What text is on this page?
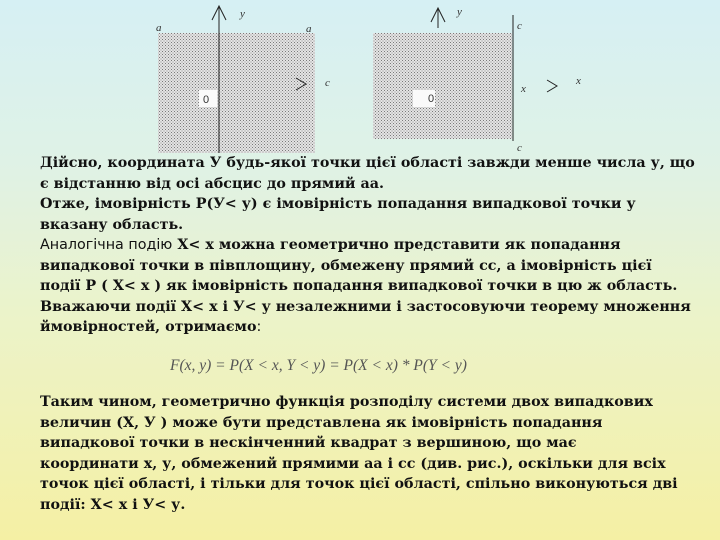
a
y
a
0
с
y
c
0
x
x
c
Дійсно, координата У будь-якої точки цієї області завжди менше числа у, що
є відстанню від осі абсцис до прямий аа.
Отже, імовірність Р(У< у) є імовірність попадання випадкової точки у
вказану область.
Аналогічна подію Х< х можна геометрично представити як попадання
випадкової точки в півплощину, обмежену прямий сс, а імовірність цієї
події Р ( Х< х ) як імовірність попадання випадкової точки в цю ж область.
Вважаючи події Х< х і У< у незалежними і застосовуючи теорему множення
ймовірностей, отримаємо:
F(x, y) = P(X < x, Y < y) = P(X < x) * P(Y < y)
Таким чином, геометрично функція розподілу системи двох випадкових
величин (Х, У ) може бути представлена як імовірність попадання
випадкової точки в нескінченний квадрат з вершиною, що має
координати х, у, обмежений прямими аа і сс (див. рис.), оскільки для всіх
точок цієї області, і тільки для точок цієї області, спільно виконуються дві
події: Х< х і У< у.
